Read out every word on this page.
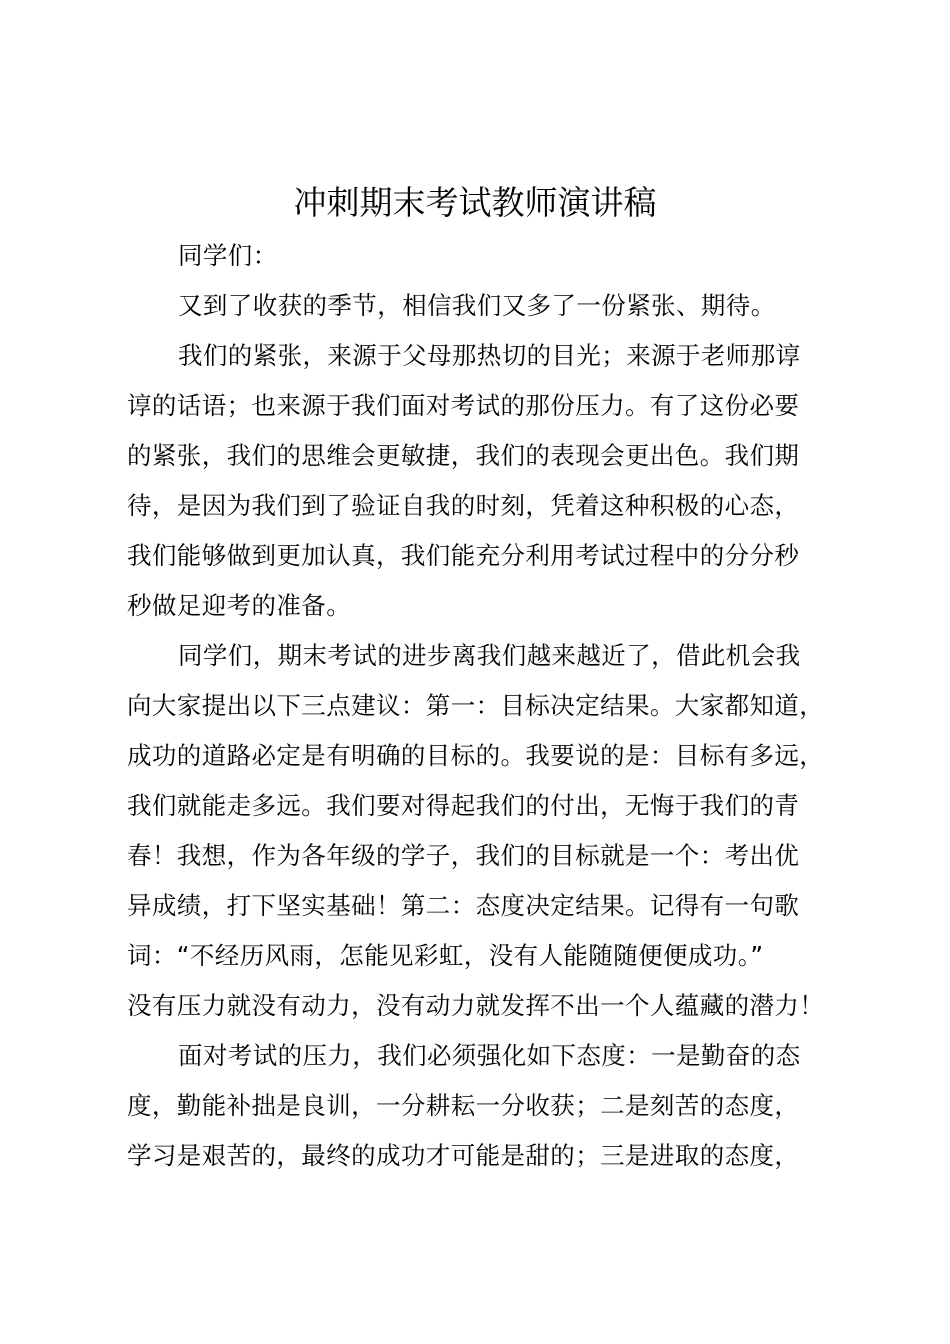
冲刺期末考试教师演讲稿
同学们：
又到了收获的季节，相信我们又多了一份紧张、期待。
我们的紧张，来源于父母那热切的目光；来源于老师那谆
谆的话语；也来源于我们面对考试的那份压力。有了这份必要
的紧张，我们的思维会更敏捷，我们的表现会更出色。我们期
待，是因为我们到了验证自我的时刻，凭着这种积极的心态，
我们能够做到更加认真，我们能充分利用考试过程中的分分秒
秒做足迎考的准备。
同学们，期末考试的进步离我们越来越近了，借此机会我
向大家提出以下三点建议：第一：目标决定结果。大家都知道，
成功的道路必定是有明确的目标的。我要说的是：目标有多远，
我们就能走多远。我们要对得起我们的付出，无悔于我们的青
春！我想，作为各年级的学子，我们的目标就是一个：考出优
异成绩，打下坚实基础！第二：态度决定结果。记得有一句歌
词：“不经历风雨，怎能见彩虹，没有人能随随便便成功。”
没有压力就没有动力，没有动力就发挥不出一个人蕴藏的潜力！
面对考试的压力，我们必须强化如下态度：一是勤奋的态
度，勤能补拙是良训，一分耕耘一分收获；二是刻苦的态度，
学习是艰苦的，最终的成功才可能是甜的；三是进取的态度，
